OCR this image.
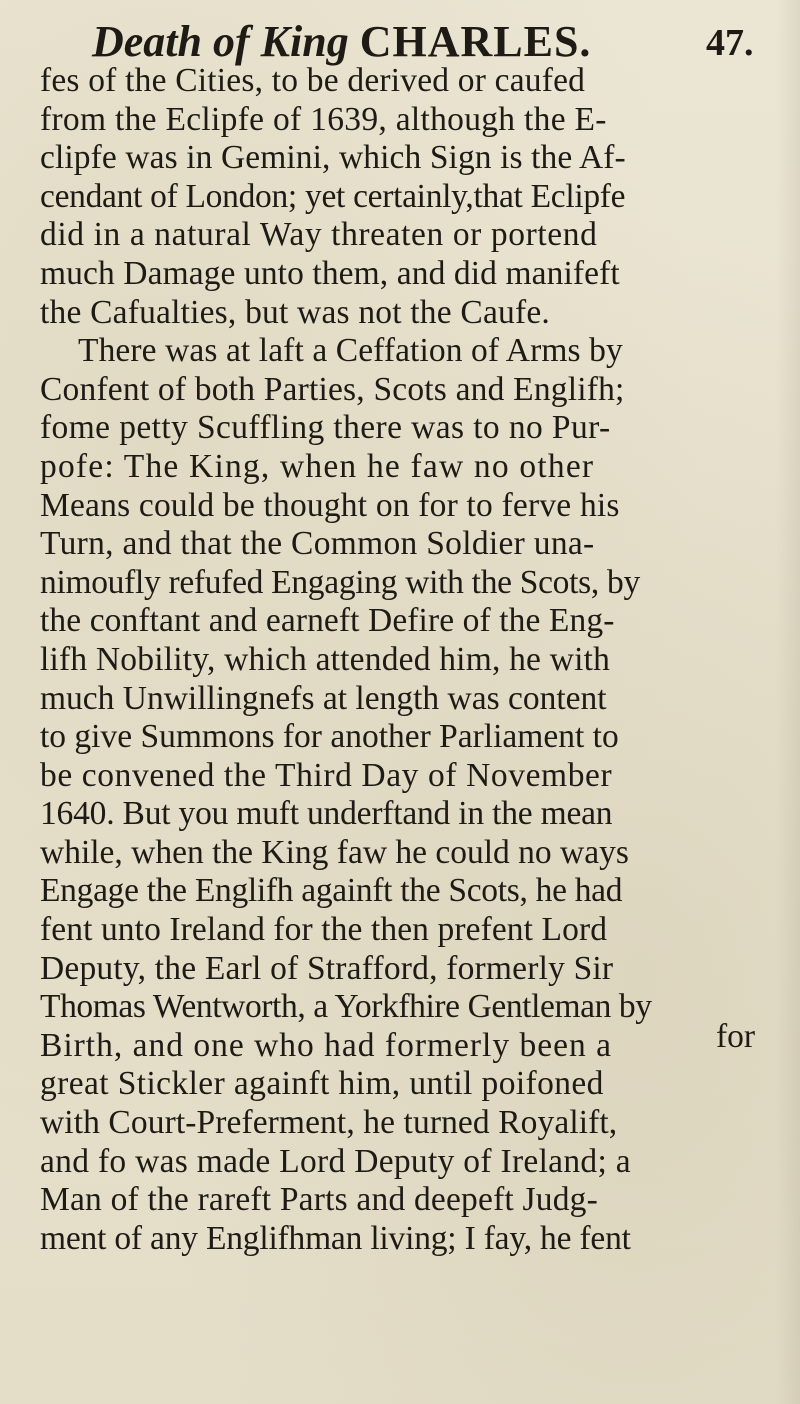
Death of King CHARLES.	47.
fes of the Cities, to be derived or caufed
from the Eclipfe of 1639, although the E-
clipfe was in Gemini, which Sign is the Af-
cendant of London; yet certainly,that Eclipfe
did in a natural Way threaten or portend
much Damage unto them, and did manifeft
the Cafualties, but was not the Caufe.
There was at laft a Ceffation of Arms by
Confent of both Parties, Scots and Englifh;
fome petty Scuffling there was to no Pur-
pofe: The King, when he faw no other
Means could be thought on for to ferve his
Turn, and that the Common Soldier una-
nimoufly refufed Engaging with the Scots, by
the conftant and earneft Defire of the Eng-
lifh Nobility, which attended him, he with
much Unwillingnefs at length was content
to give Summons for another Parliament to
be convened the Third Day of November
1640. But you muft underftand in the mean
while, when the King faw he could no ways
Engage the Englifh againft the Scots, he had
fent unto Ireland for the then prefent Lord
Deputy, the Earl of Strafford, formerly Sir
Thomas Wentworth, a Yorkfhire Gentleman by
Birth, and one who had formerly been a
great Stickler againft him, until poifoned
with Court-Preferment, he turned Royalift,
and fo was made Lord Deputy of Ireland; a
Man of the rareft Parts and deepeft Judg-
ment of any Englifhman living; I fay, he fent
for
